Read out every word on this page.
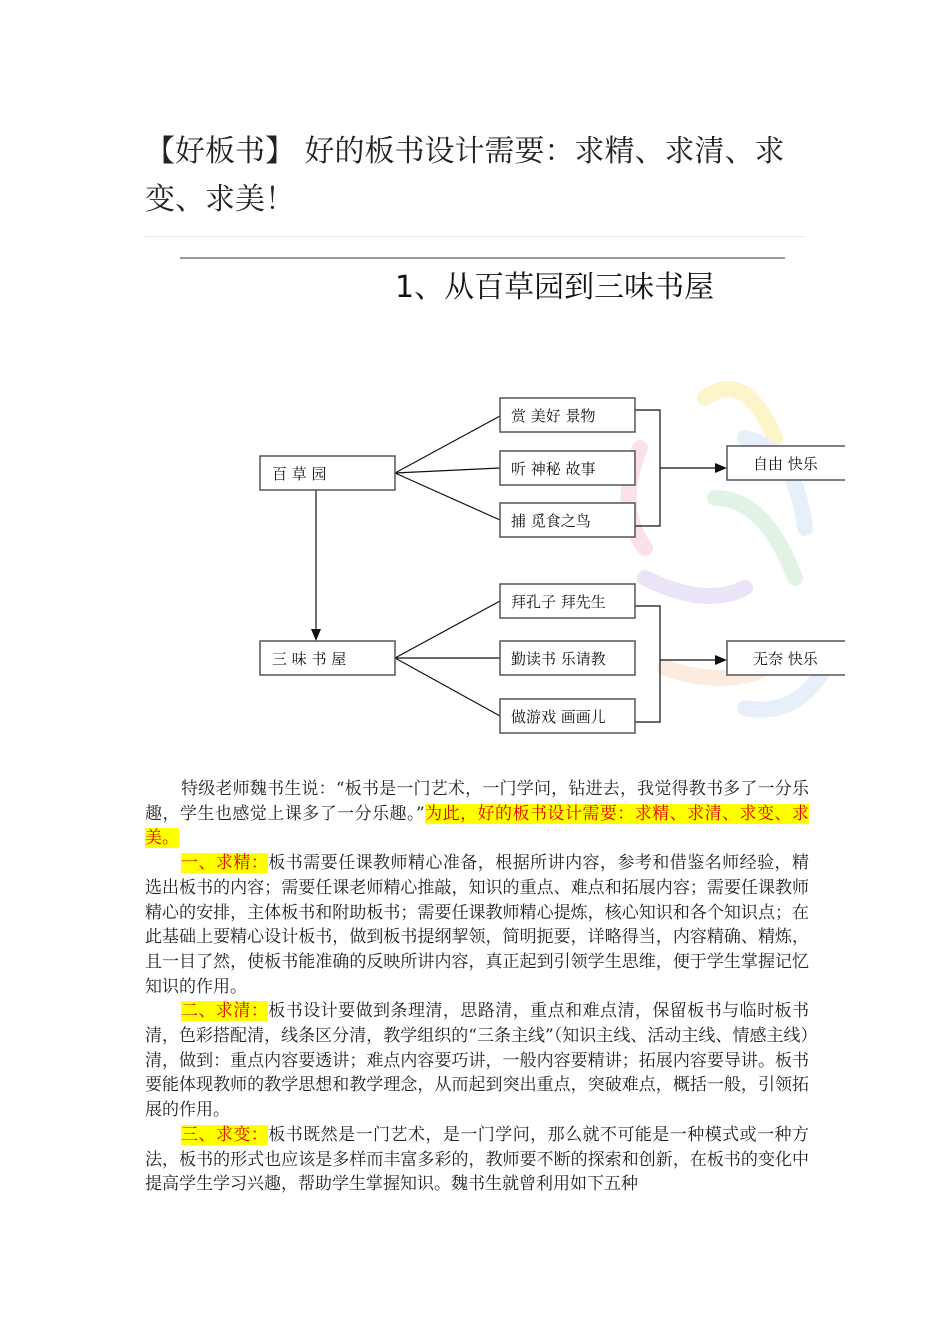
【好板书】 好的板书设计需要：求精、求清、求变、求美！
1、从百草园到三味书屋
百 草 园
赏 美好 景物
听 神秘 故事
捕 觅食之鸟
自由 快乐
三 味 书 屋
拜孔子 拜先生
勤读书 乐请教
做游戏 画画儿
无奈 快乐

特级老师魏书生说：“板书是一门艺术，一门学问，钻进去，我觉得教书多了一分乐趣，学生也感觉上课多了一分乐趣。”为此，好的板书设计需要：求精、求清、求变、求美。

一、求精：板书需要任课教师精心准备，根据所讲内容，参考和借鉴名师经验，精选出板书的内容；需要任课老师精心推敲，知识的重点、难点和拓展内容；需要任课教师精心的安排，主体板书和附助板书；需要任课教师精心提炼，核心知识和各个知识点；在此基础上要精心设计板书，做到板书提纲挈领，简明扼要，详略得当，内容精确、精炼，且一目了然，使板书能准确的反映所讲内容，真正起到引领学生思维，便于学生掌握记忆知识的作用。

二、求清：板书设计要做到条理清，思路清，重点和难点清，保留板书与临时板书清，色彩搭配清，线条区分清，教学组织的“三条主线”（知识主线、活动主线、情感主线）清，做到：重点内容要透讲；难点内容要巧讲，一般内容要精讲；拓展内容要导讲。板书要能体现教师的教学思想和教学理念，从而起到突出重点，突破难点，概括一般，引领拓展的作用。

三、求变：板书既然是一门艺术，是一门学问，那么就不可能是一种模式或一种方法，板书的形式也应该是多样而丰富多彩的，教师要不断的探索和创新，在板书的变化中提高学生学习兴趣，帮助学生掌握知识。魏书生就曾利用如下五种
